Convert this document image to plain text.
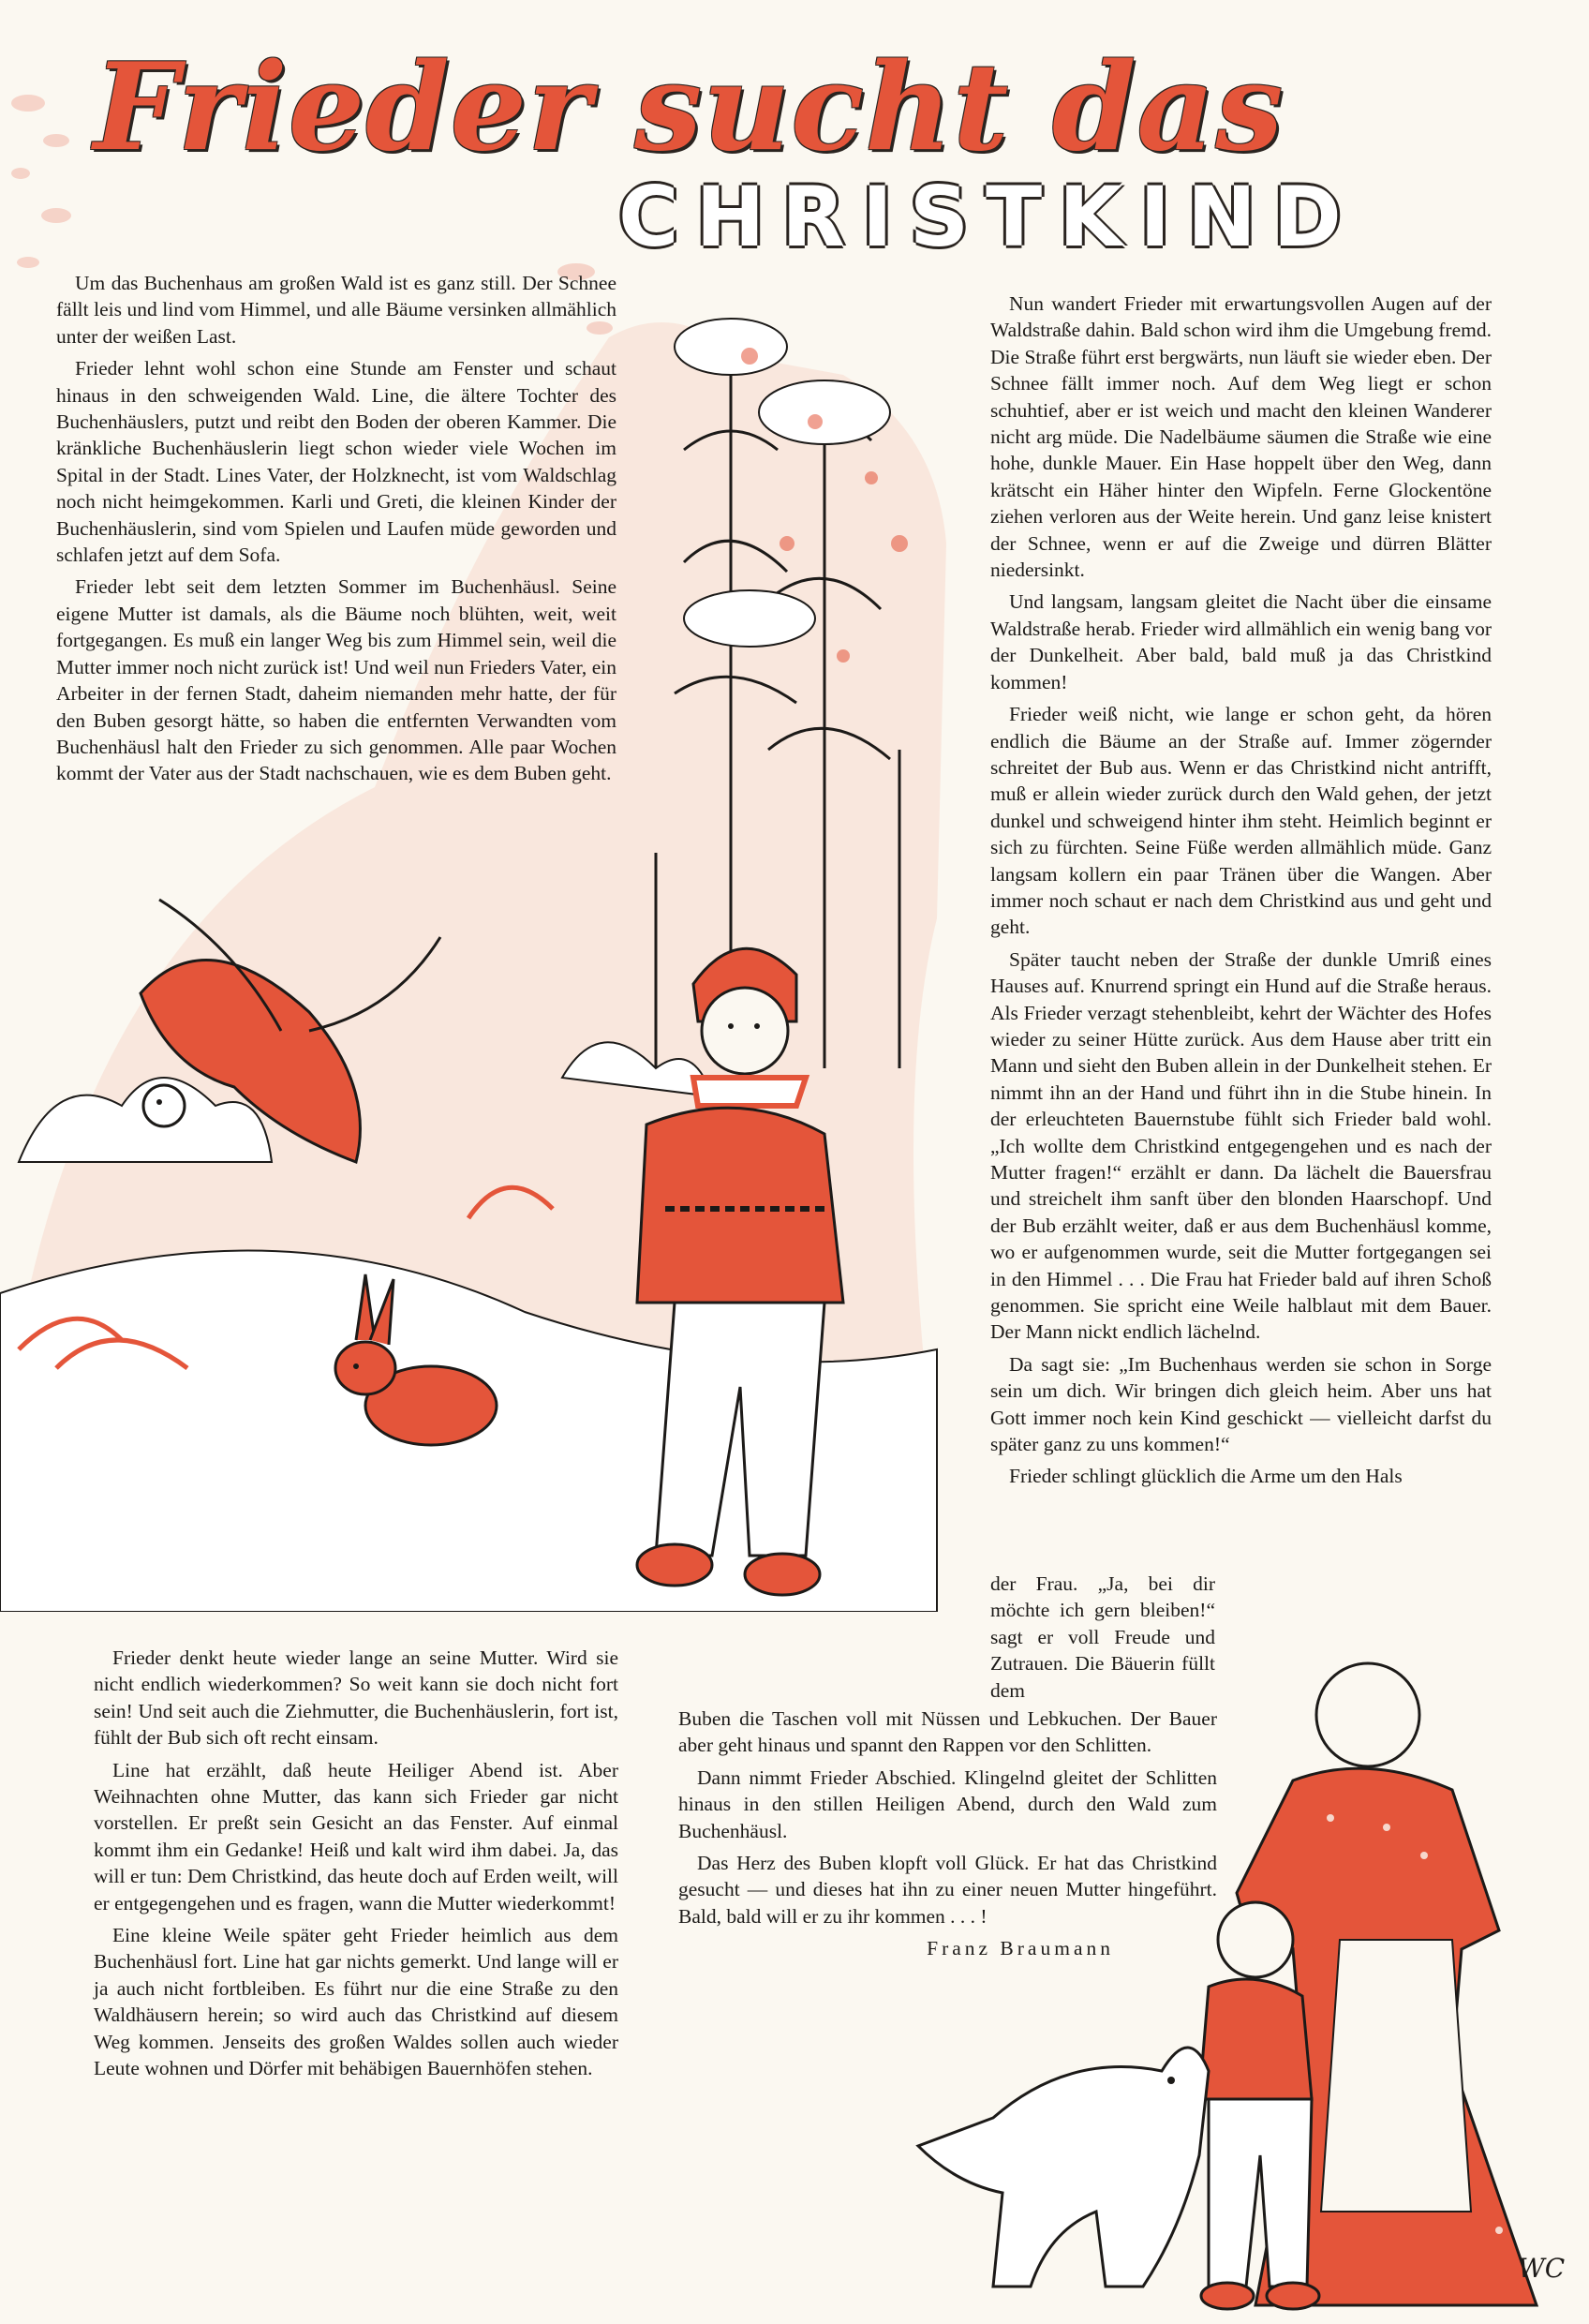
Frieder sucht das
CHRISTKIND
WC

Um das Buchenhaus am großen Wald ist es ganz still. Der Schnee fällt leis und lind vom Himmel, und alle Bäume versinken allmählich unter der weißen Last.

Frieder lehnt wohl schon eine Stunde am Fenster und schaut hinaus in den schweigenden Wald. Line, die ältere Tochter des Buchenhäuslers, putzt und reibt den Boden der oberen Kammer. Die kränkliche Buchenhäuslerin liegt schon wieder viele Wochen im Spital in der Stadt. Lines Vater, der Holzknecht, ist vom Waldschlag noch nicht heimgekommen. Karli und Greti, die kleinen Kinder der Buchenhäuslerin, sind vom Spielen und Laufen müde geworden und schlafen jetzt auf dem Sofa.

Frieder lebt seit dem letzten Sommer im Buchenhäusl. Seine eigene Mutter ist damals, als die Bäume noch blühten, weit, weit fortgegangen. Es muß ein langer Weg bis zum Himmel sein, weil die Mutter immer noch nicht zurück ist! Und weil nun Frieders Vater, ein Arbeiter in der fernen Stadt, daheim niemanden mehr hatte, der für den Buben gesorgt hätte, so haben die entfernten Verwandten vom Buchenhäusl halt den Frieder zu sich genommen. Alle paar Wochen kommt der Vater aus der Stadt nachschauen, wie es dem Buben geht.

Nun wandert Frieder mit erwartungsvollen Augen auf der Waldstraße dahin. Bald schon wird ihm die Umgebung fremd. Die Straße führt erst bergwärts, nun läuft sie wieder eben. Der Schnee fällt immer noch. Auf dem Weg liegt er schon schuhtief, aber er ist weich und macht den kleinen Wanderer nicht arg müde. Die Nadelbäume säumen die Straße wie eine hohe, dunkle Mauer. Ein Hase hoppelt über den Weg, dann krätscht ein Häher hinter den Wipfeln. Ferne Glockentöne ziehen verloren aus der Weite herein. Und ganz leise knistert der Schnee, wenn er auf die Zweige und dürren Blätter niedersinkt.

Und langsam, langsam gleitet die Nacht über die einsame Waldstraße herab. Frieder wird allmählich ein wenig bang vor der Dunkelheit. Aber bald, bald muß ja das Christkind kommen!

Frieder weiß nicht, wie lange er schon geht, da hören endlich die Bäume an der Straße auf. Immer zögernder schreitet der Bub aus. Wenn er das Christkind nicht antrifft, muß er allein wieder zurück durch den Wald gehen, der jetzt dunkel und schweigend hinter ihm steht. Heimlich beginnt er sich zu fürchten. Seine Füße werden allmählich müde. Ganz langsam kollern ein paar Tränen über die Wangen. Aber immer noch schaut er nach dem Christkind aus und geht und geht.

Später taucht neben der Straße der dunkle Umriß eines Hauses auf. Knurrend springt ein Hund auf die Straße heraus. Als Frieder verzagt stehenbleibt, kehrt der Wächter des Hofes wieder zu seiner Hütte zurück. Aus dem Hause aber tritt ein Mann und sieht den Buben allein in der Dunkelheit stehen. Er nimmt ihn an der Hand und führt ihn in die Stube hinein. In der erleuchteten Bauernstube fühlt sich Frieder bald wohl. „Ich wollte dem Christkind entgegengehen und es nach der Mutter fragen!“ erzählt er dann. Da lächelt die Bauersfrau und streichelt ihm sanft über den blonden Haarschopf. Und der Bub erzählt weiter, daß er aus dem Buchenhäusl komme, wo er aufgenommen wurde, seit die Mutter fortgegangen sei in den Himmel . . . Die Frau hat Frieder bald auf ihren Schoß genommen. Sie spricht eine Weile halblaut mit dem Bauer. Der Mann nickt endlich lächelnd.

Da sagt sie: „Im Buchenhaus werden sie schon in Sorge sein um dich. Wir bringen dich gleich heim. Aber uns hat Gott immer noch kein Kind geschickt — vielleicht darfst du später ganz zu uns kommen!“

Frieder schlingt glücklich die Arme um den Hals

der Frau. „Ja, bei dir möchte ich gern bleiben!“ sagt er voll Freude und Zutrauen. Die Bäuerin füllt dem

Buben die Taschen voll mit Nüssen und Lebkuchen. Der Bauer aber geht hinaus und spannt den Rappen vor den Schlitten.

Dann nimmt Frieder Abschied. Klingelnd gleitet der Schlitten hinaus in den stillen Heiligen Abend, durch den Wald zum Buchenhäusl.

Das Herz des Buben klopft voll Glück. Er hat das Christkind gesucht — und dieses hat ihn zu einer neuen Mutter hingeführt. Bald, bald will er zu ihr kommen . . . !

Franz Braumann

Frieder denkt heute wieder lange an seine Mutter. Wird sie nicht endlich wiederkommen? So weit kann sie doch nicht fort sein! Und seit auch die Ziehmutter, die Buchenhäuslerin, fort ist, fühlt der Bub sich oft recht einsam.

Line hat erzählt, daß heute Heiliger Abend ist. Aber Weihnachten ohne Mutter, das kann sich Frieder gar nicht vorstellen. Er preßt sein Gesicht an das Fenster. Auf einmal kommt ihm ein Gedanke! Heiß und kalt wird ihm dabei. Ja, das will er tun: Dem Christkind, das heute doch auf Erden weilt, will er entgegengehen und es fragen, wann die Mutter wiederkommt!

Eine kleine Weile später geht Frieder heimlich aus dem Buchenhäusl fort. Line hat gar nichts gemerkt. Und lange will er ja auch nicht fortbleiben. Es führt nur die eine Straße zu den Waldhäusern herein; so wird auch das Christkind auf diesem Weg kommen. Jenseits des großen Waldes sollen auch wieder Leute wohnen und Dörfer mit behäbigen Bauernhöfen stehen.
